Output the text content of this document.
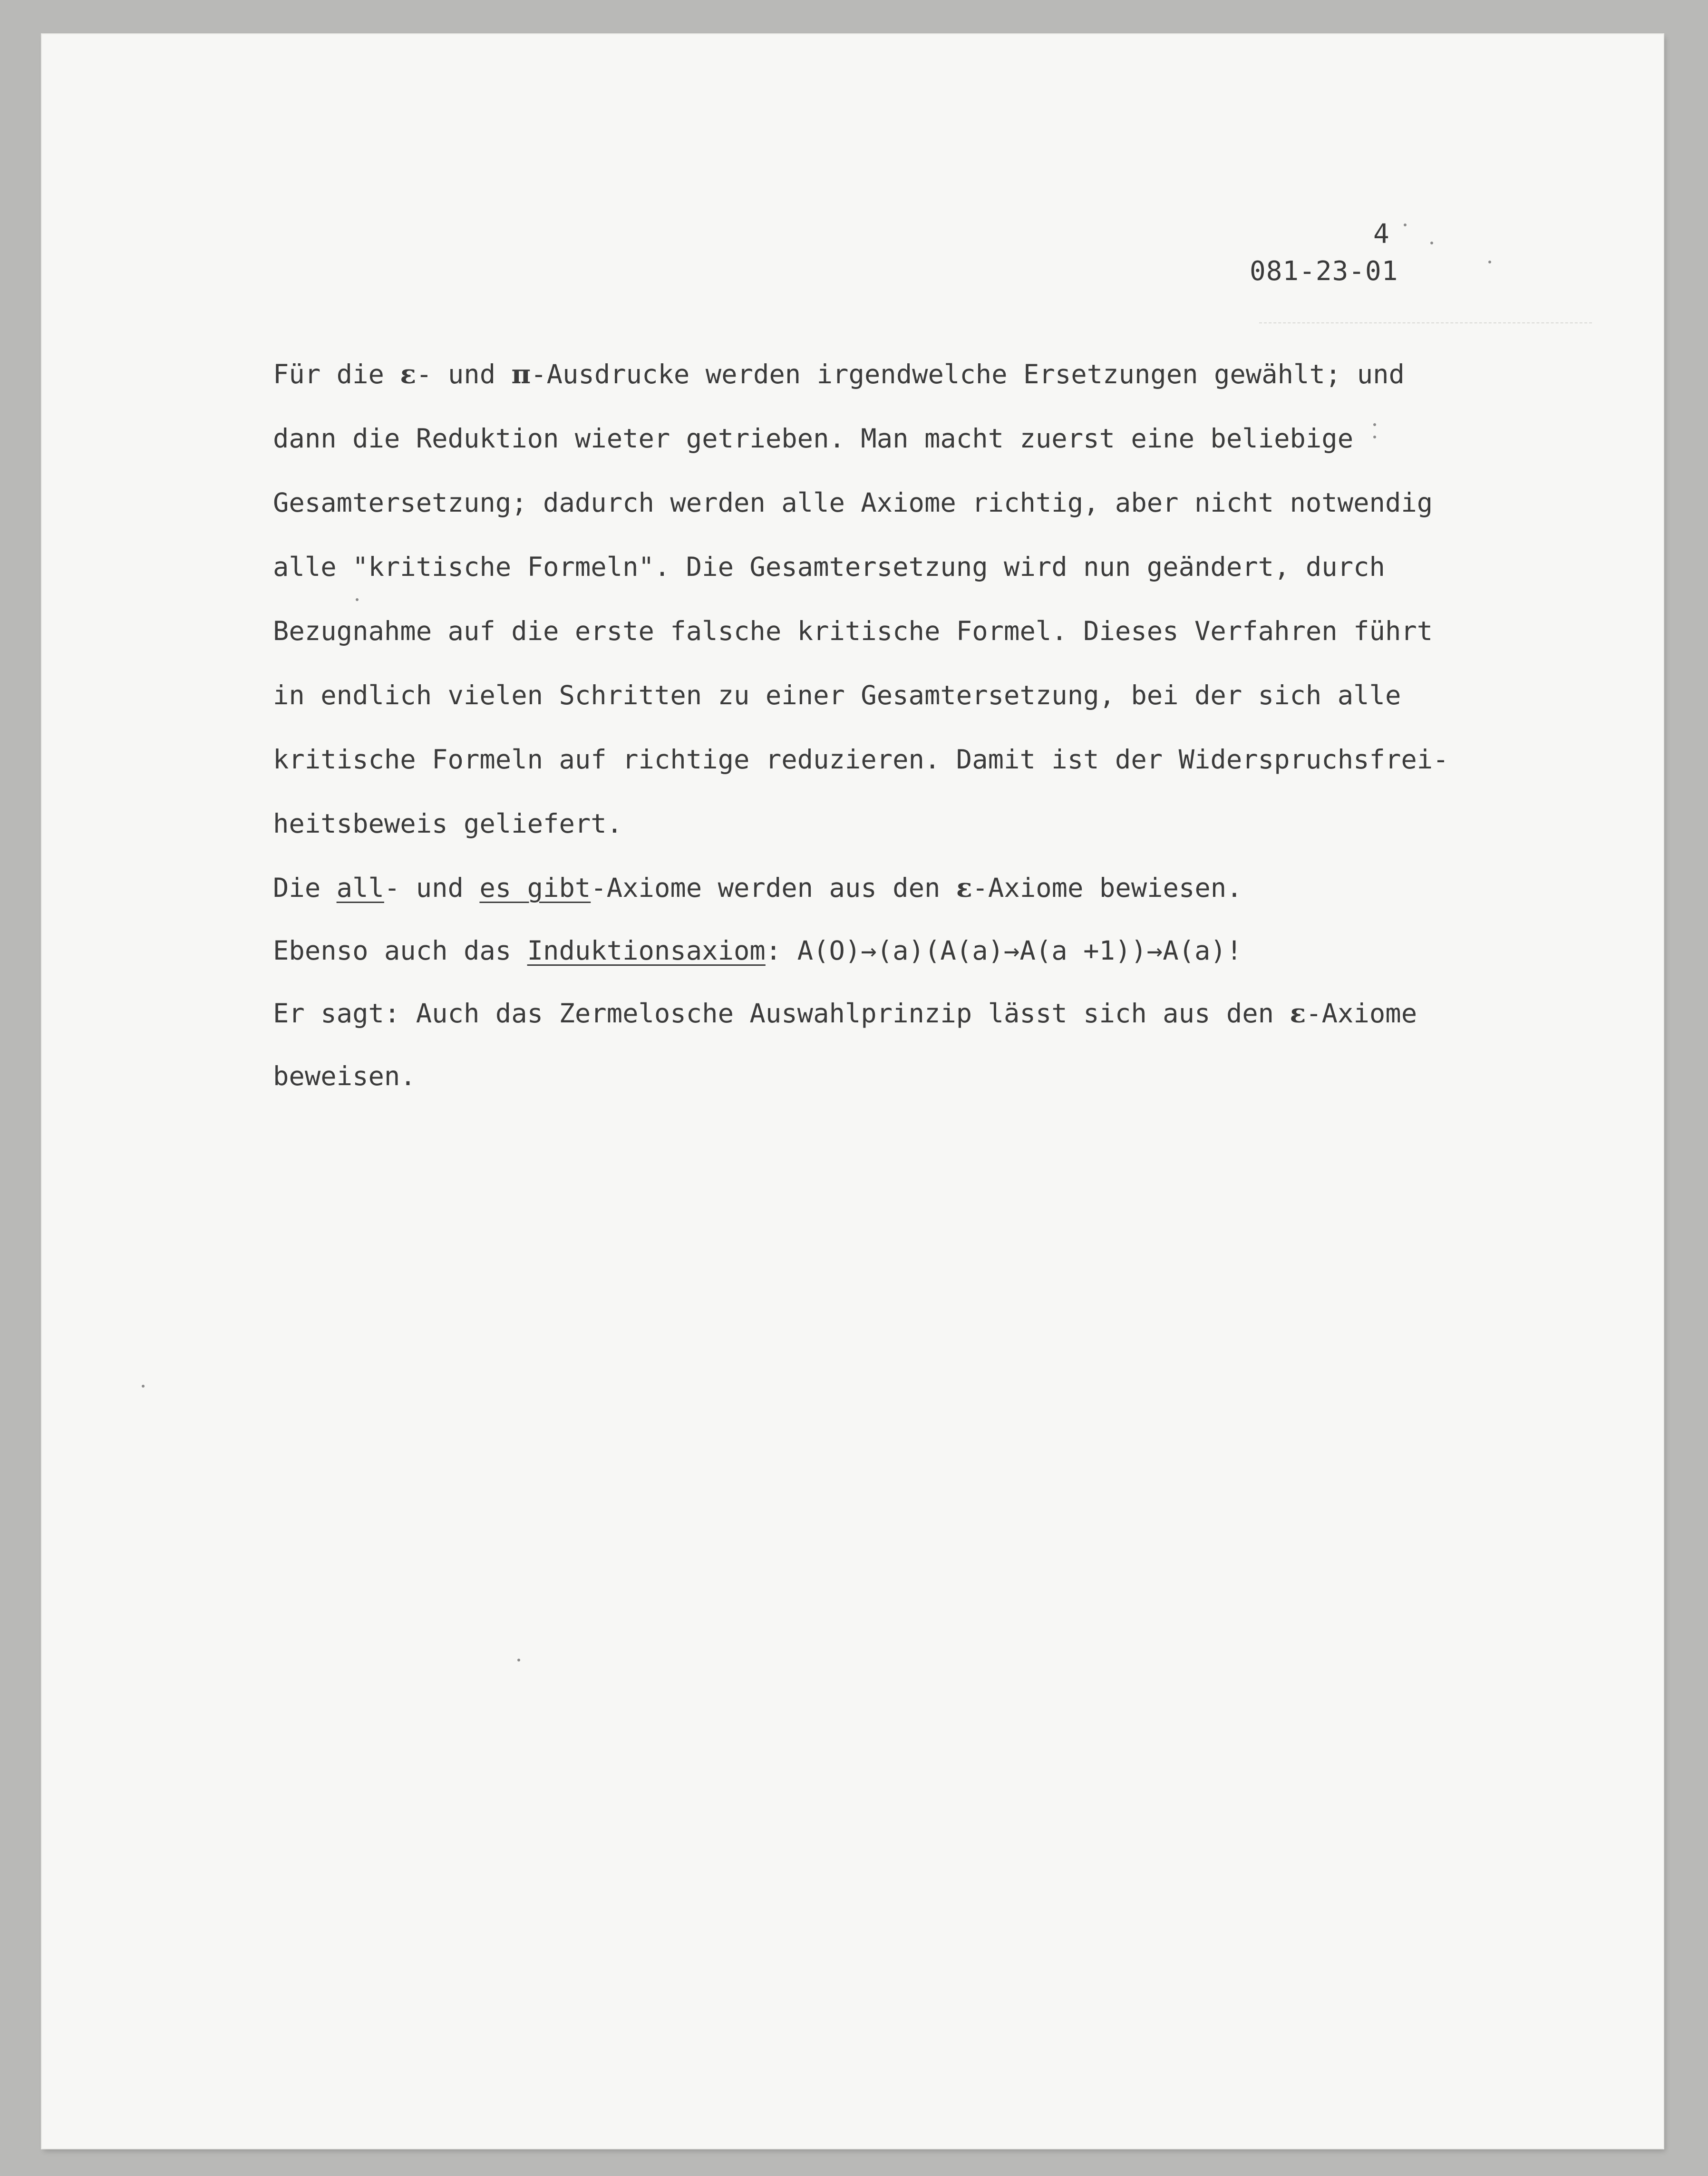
4
081-23-01
Für die ε- und π-Ausdrucke werden irgendwelche Ersetzungen gewählt; und
dann die Reduktion wieter getrieben. Man macht zuerst eine beliebige
Gesamtersetzung; dadurch werden alle Axiome richtig, aber nicht notwendig
alle "kritische Formeln". Die Gesamtersetzung wird nun geändert, durch
Bezugnahme auf die erste falsche kritische Formel. Dieses Verfahren führt
in endlich vielen Schritten zu einer Gesamtersetzung, bei der sich alle
kritische Formeln auf richtige reduzieren. Damit ist der Widerspruchsfrei-
heitsbeweis geliefert.
Die all- und es gibt-Axiome werden aus den ε-Axiome bewiesen.
Ebenso auch das Induktionsaxiom: A(O)→(a)(A(a)→A(a +1))→A(a)!
Er sagt: Auch das Zermelosche Auswahlprinzip lässt sich aus den ε-Axiome
beweisen.
